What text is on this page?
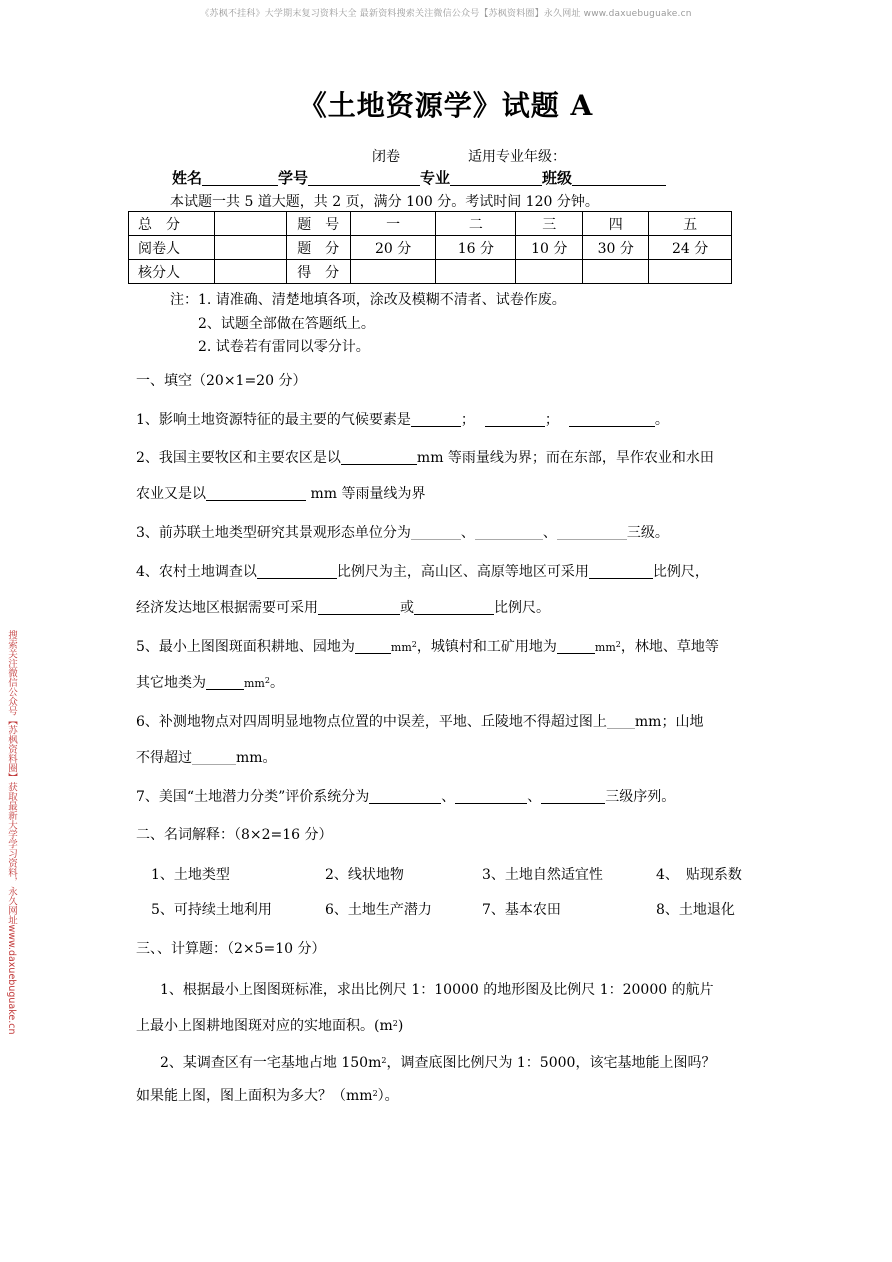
《苏枫不挂科》大学期末复习资料大全 最新资料搜索关注微信公众号【苏枫资料圈】永久网址 www.daxuebuguake.cn
搜索关注微信公众号【苏枫资料圈】获取最新大学学习资料，永久网址www.daxuebuguake.cn
《土地资源学》试题 A
闭卷	适用专业年级：
姓名	学号	专业	班级
本试题一共 5 道大题，共 2 页，满分 100 分。考试时间 120 分钟。
总　分		题　号	一	二	三	四	五
阅卷人		题　分	20 分	16 分	10 分	30 分	24 分
核分人		得　分					
注：1. 请准确、清楚地填各项，涂改及模糊不清者、试卷作废。
2、试题全部做在答题纸上。
2. 试卷若有雷同以零分计。
一、填空（20×1=20 分）
1、影响土地资源特征的最主要的气候要素是	；	；	。
2、我国主要牧区和主要农区是以	mm 等雨量线为界；而在东部，旱作农业和水田
农业又是以	mm 等雨量线为界
3、前苏联土地类型研究其景观形态单位分为	、	、	三级。
4、农村土地调查以	比例尺为主，高山区、高原等地区可采用	比例尺，
经济发达地区根据需要可采用	或	比例尺。
5、最小上图图斑面积耕地、园地为	$mm^2$，城镇村和工矿用地为	$mm^2$，林地、草地等
其它地类为	$mm^2$。
6、补测地物点对四周明显地物点位置的中误差，平地、丘陵地不得超过图上 mm；山地
不得超过	mm。
7、美国“土地潜力分类”评价系统分为	、	、	三级序列。
二、名词解释：（8×2=16 分）
1、土地类型	2、线状地物	3、土地自然适宜性	4、　贴现系数
5、可持续土地利用	6、土地生产潜力	7、基本农田	8、土地退化
三、、计算题：（2×5=10 分）
1、根据最小上图图斑标准，求出比例尺 1：10000 的地形图及比例尺 1：20000 的航片
上最小上图耕地图斑对应的实地面积。$(m^2)$
2、某调查区有一宅基地占地 $150m^2$，调查底图比例尺为 1：5000，该宅基地能上图吗？
如果能上图，图上面积为多大？$(mm^2)$。
